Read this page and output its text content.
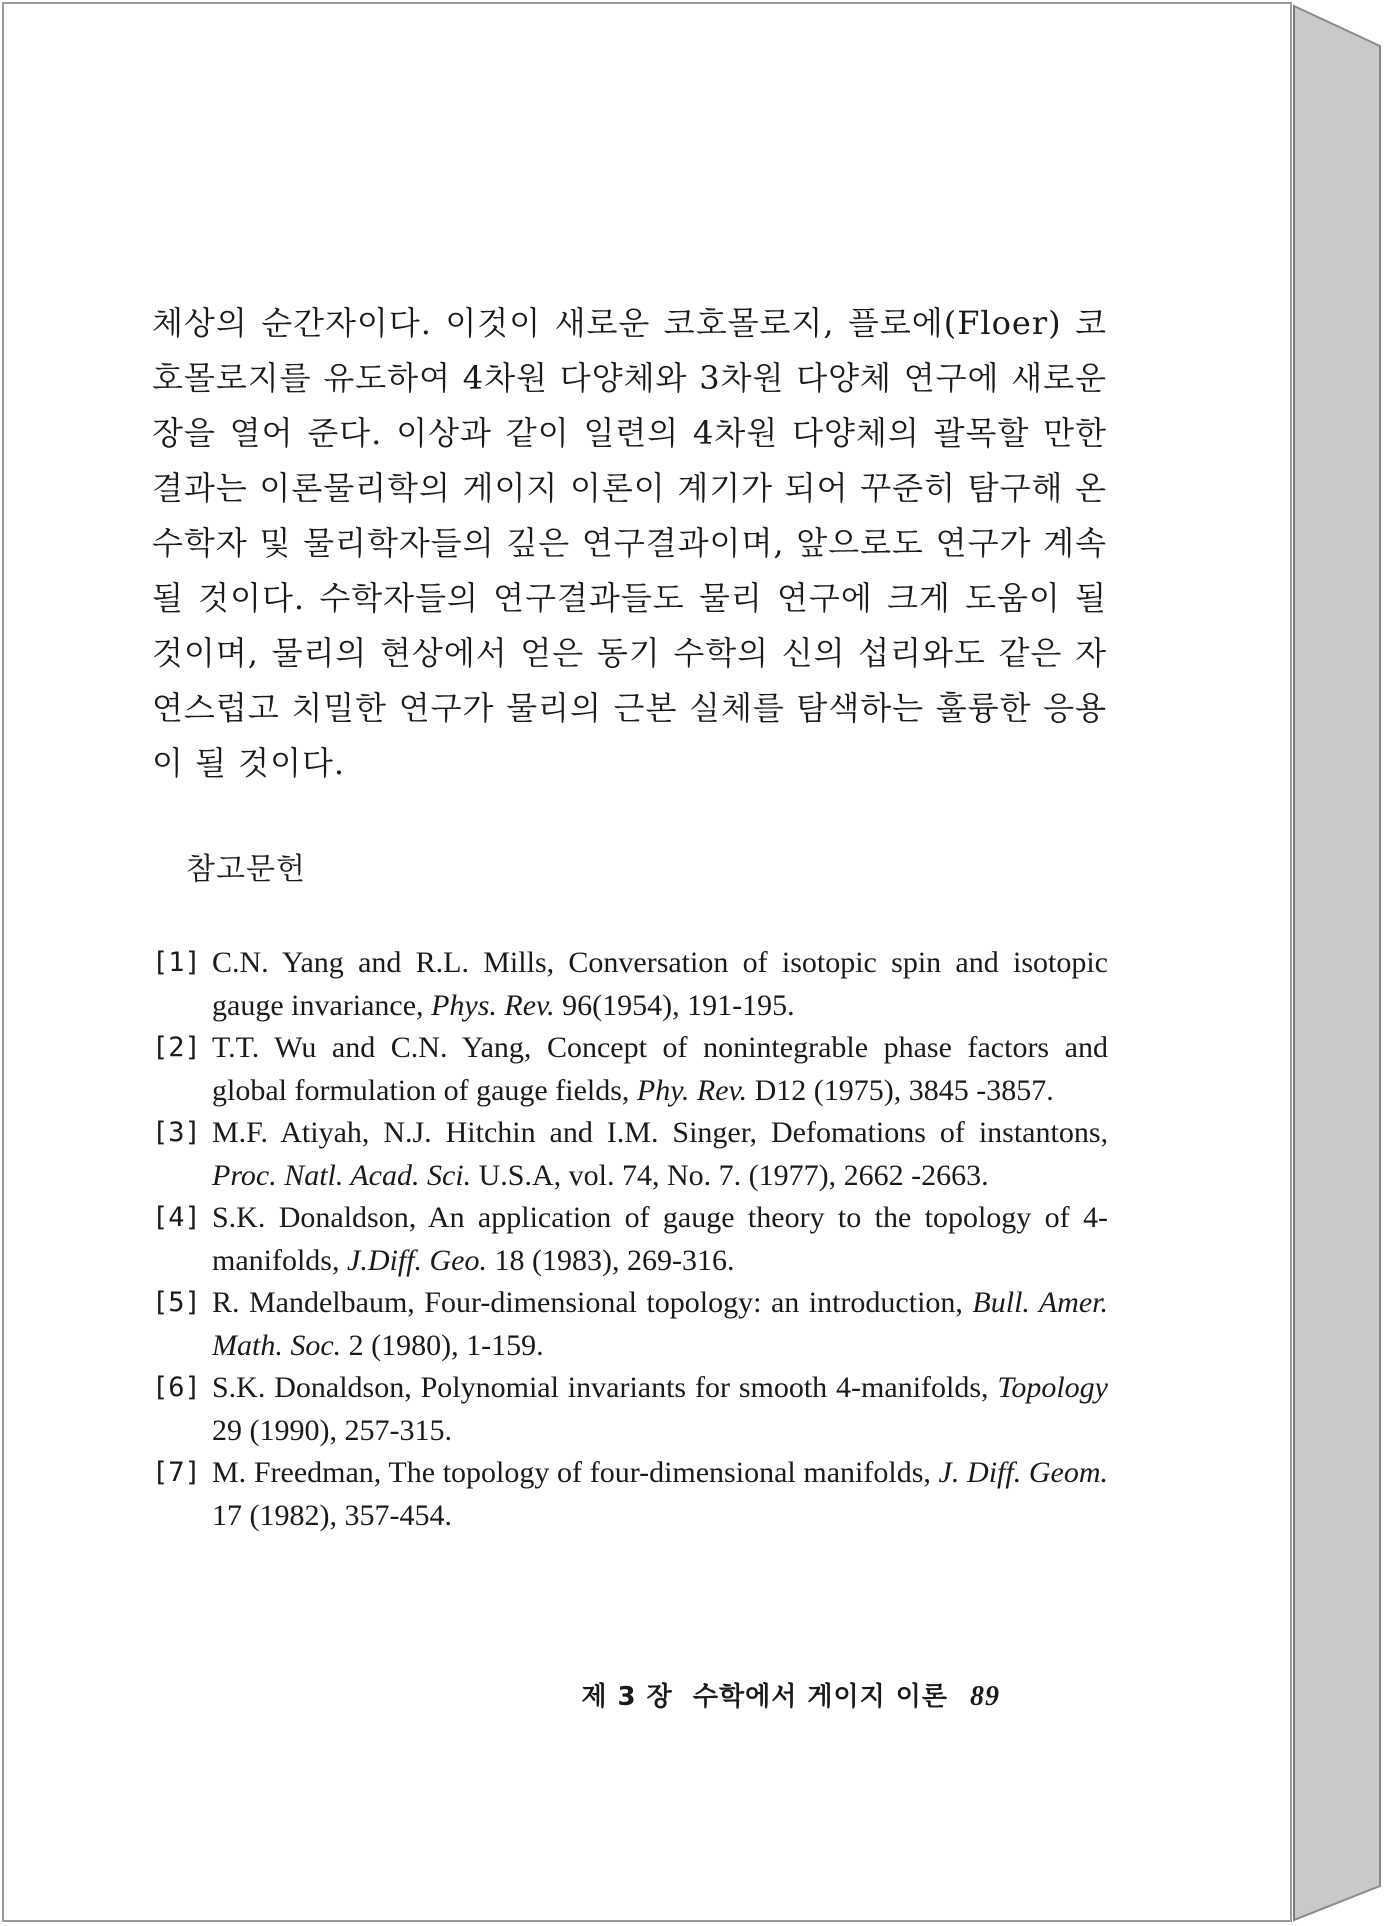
체상의 순간자이다. 이것이 새로운 코호몰로지, 플로에(Floer) 코호몰로지를 유도하여 4차원 다양체와 3차원 다양체 연구에 새로운 장을 열어 준다. 이상과 같이 일련의 4차원 다양체의 괄목할 만한 결과는 이론물리학의 게이지 이론이 계기가 되어 꾸준히 탐구해 온 수학자 및 물리학자들의 깊은 연구결과이며, 앞으로도 연구가 계속될 것이다. 수학자들의 연구결과들도 물리 연구에 크게 도움이 될 것이며, 물리의 현상에서 얻은 동기 수학의 신의 섭리와도 같은 자연스럽고 치밀한 연구가 물리의 근본 실체를 탐색하는 훌륭한 응용이 될 것이다.
참고문헌
[1] C.N. Yang and R.L. Mills, Conversation of isotopic spin and isotopic gauge invariance, Phys. Rev. 96(1954), 191-195.
[2] T.T. Wu and C.N. Yang, Concept of nonintegrable phase factors and global formulation of gauge fields, Phy. Rev. D12 (1975), 3845 -3857.
[3] M.F. Atiyah, N.J. Hitchin and I.M. Singer, Defomations of instantons, Proc. Natl. Acad. Sci. U.S.A, vol. 74, No. 7. (1977), 2662 -2663.
[4] S.K. Donaldson, An application of gauge theory to the topology of 4-manifolds, J.Diff. Geo. 18 (1983), 269-316.
[5] R. Mandelbaum, Four-dimensional topology: an introduction, Bull. Amer. Math. Soc. 2 (1980), 1-159.
[6] S.K. Donaldson, Polynomial invariants for smooth 4-manifolds, Topology 29 (1990), 257-315.
[7] M. Freedman, The topology of four-dimensional manifolds, J. Diff. Geom. 17 (1982), 357-454.
제 3 장  수학에서 게이지 이론 89
